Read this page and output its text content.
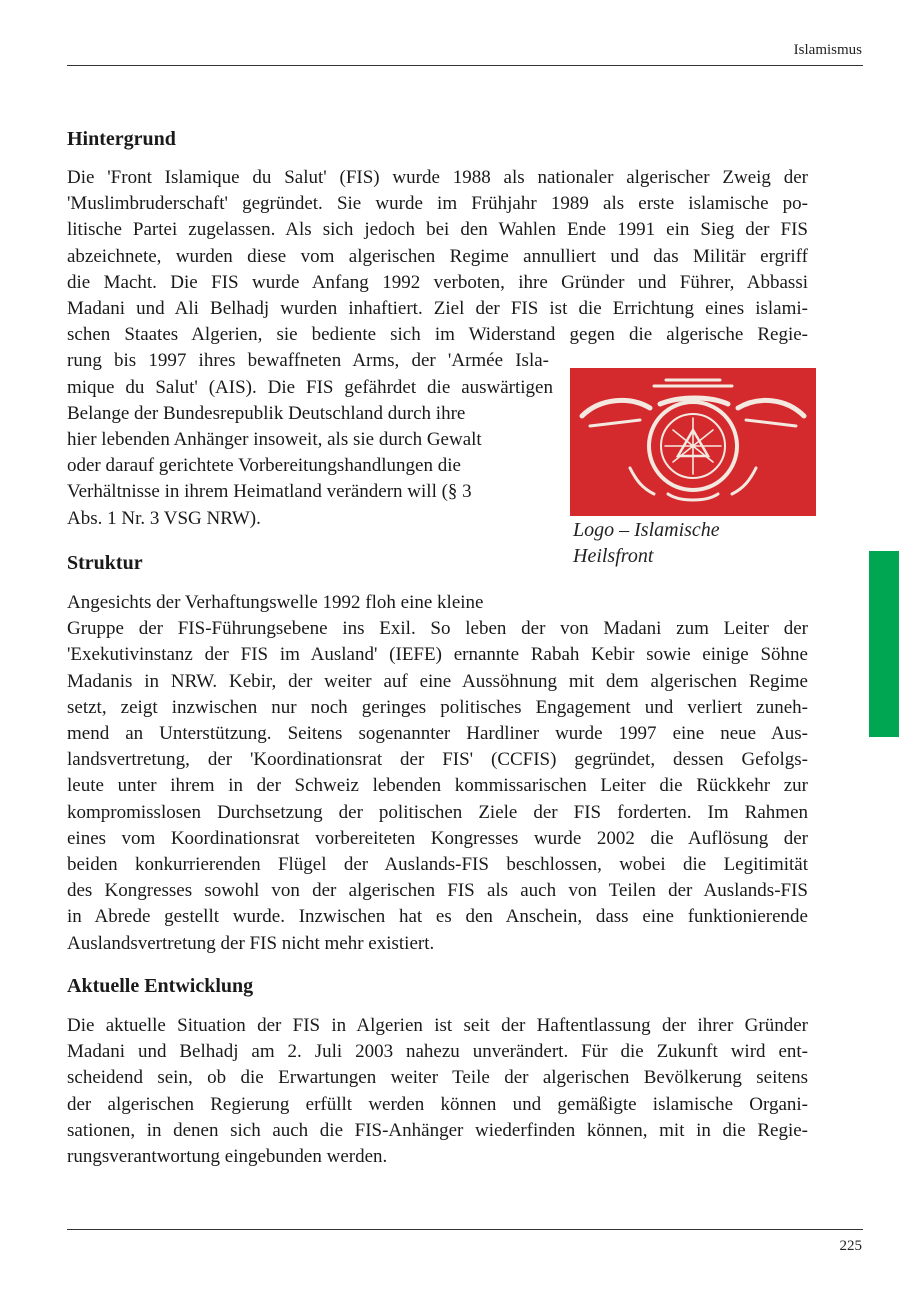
Islamismus
Hintergrund
Die 'Front Islamique du Salut' (FIS) wurde 1988 als nationaler algerischer Zweig der
'Muslimbruderschaft' gegründet. Sie wurde im Frühjahr 1989 als erste islamische po-
litische Partei zugelassen. Als sich jedoch bei den Wahlen Ende 1991 ein Sieg der FIS
abzeichnete, wurden diese vom algerischen Regime annulliert und das Militär ergriff
die Macht. Die FIS wurde Anfang 1992 verboten, ihre Gründer und Führer, Abbassi
Madani und Ali Belhadj wurden inhaftiert. Ziel der FIS ist die Errichtung eines islami-
schen Staates Algerien, sie bediente sich im Widerstand gegen die algerische Regie-
rung bis 1997 ihres bewaffneten Arms, der 'Armée Isla-
mique du Salut' (AIS). Die FIS gefährdet die auswärtigen
Belange der Bundesrepublik Deutschland durch ihre
hier lebenden Anhänger insoweit, als sie durch Gewalt
oder darauf gerichtete Vorbereitungshandlungen die
Verhältnisse in ihrem Heimatland verändern will (§ 3
Abs. 1 Nr. 3 VSG NRW).
Logo – Islamische
Heilsfront
Struktur
Angesichts der Verhaftungswelle 1992 floh eine kleine
Gruppe der FIS-Führungsebene ins Exil. So leben der von Madani zum Leiter der
'Exekutivinstanz der FIS im Ausland' (IEFE) ernannte Rabah Kebir sowie einige Söhne
Madanis in NRW. Kebir, der weiter auf eine Aussöhnung mit dem algerischen Regime
setzt, zeigt inzwischen nur noch geringes politisches Engagement und verliert zuneh-
mend an Unterstützung. Seitens sogenannter Hardliner wurde 1997 eine neue Aus-
landsvertretung, der 'Koordinationsrat der FIS' (CCFIS) gegründet, dessen Gefolgs-
leute unter ihrem in der Schweiz lebenden kommissarischen Leiter die Rückkehr zur
kompromisslosen Durchsetzung der politischen Ziele der FIS forderten. Im Rahmen
eines vom Koordinationsrat vorbereiteten Kongresses wurde 2002 die Auflösung der
beiden konkurrierenden Flügel der Auslands-FIS beschlossen, wobei die Legitimität
des Kongresses sowohl von der algerischen FIS als auch von Teilen der Auslands-FIS
in Abrede gestellt wurde. Inzwischen hat es den Anschein, dass eine funktionierende
Auslandsvertretung der FIS nicht mehr existiert.
Aktuelle Entwicklung
Die aktuelle Situation der FIS in Algerien ist seit der Haftentlassung der ihrer Gründer
Madani und Belhadj am 2. Juli 2003 nahezu unverändert. Für die Zukunft wird ent-
scheidend sein, ob die Erwartungen weiter Teile der algerischen Bevölkerung seitens
der algerischen Regierung erfüllt werden können und gemäßigte islamische Organi-
sationen, in denen sich auch die FIS-Anhänger wiederfinden können, mit in die Regie-
rungsverantwortung eingebunden werden.
225
